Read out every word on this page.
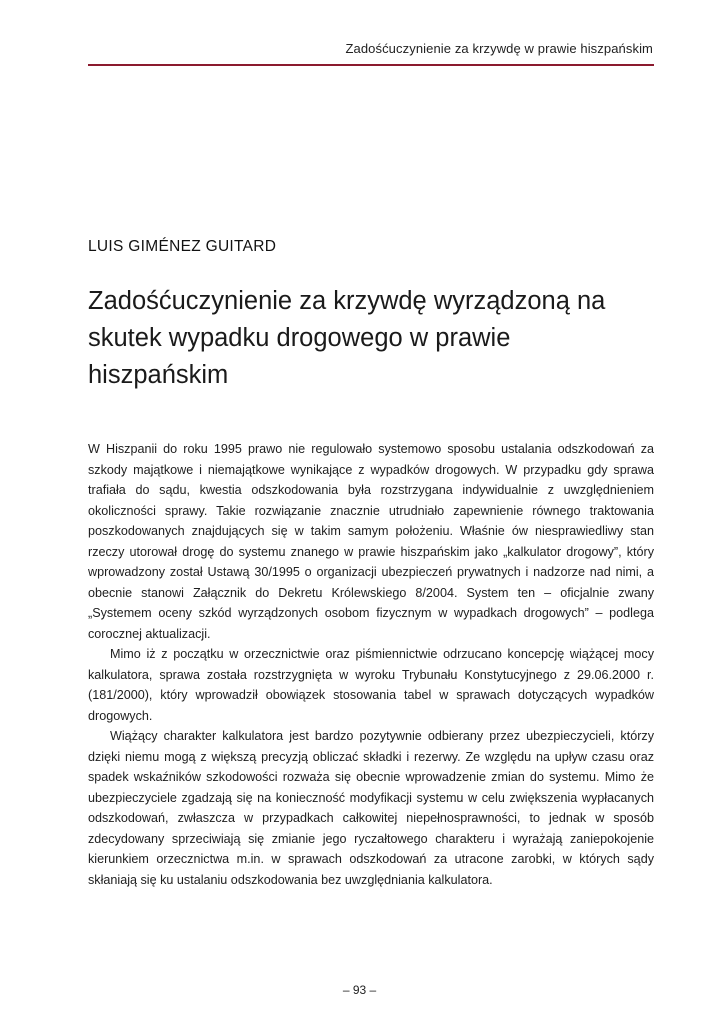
Zadośćuczynienie za krzywdę w prawie hiszpańskim
LUIS GIMÉNEZ GUITARD
Zadośćuczynienie za krzywdę wyrządzoną na skutek wypadku drogowego w prawie hiszpańskim

W Hiszpanii do roku 1995 prawo nie regulowało systemowo sposobu ustalania odszkodowań za szkody majątkowe i niemajątkowe wynikające z wypadków drogowych. W przypadku gdy sprawa trafiała do sądu, kwestia odszkodowania była rozstrzygana indywidualnie z uwzględnieniem okoliczności sprawy. Takie rozwiązanie znacznie utrudniało zapewnienie równego traktowania poszkodowanych znajdujących się w takim samym położeniu. Właśnie ów niesprawiedliwy stan rzeczy utorował drogę do systemu znanego w prawie hiszpańskim jako „kalkulator drogowy”, który wprowadzony został Ustawą 30/1995 o organizacji ubezpieczeń prywatnych i nadzorze nad nimi, a obecnie stanowi Załącznik do Dekretu Królewskiego 8/2004. System ten – oficjalnie zwany „Systemem oceny szkód wyrządzonych osobom fizycznym w wypadkach drogowych” – podlega corocznej aktualizacji.

Mimo iż z początku w orzecznictwie oraz piśmiennictwie odrzucano koncepcję wiążącej mocy kalkulatora, sprawa została rozstrzygnięta w wyroku Trybunału Konstytucyjnego z 29.06.2000 r. (181/2000), który wprowadził obowiązek stosowania tabel w sprawach dotyczących wypadków drogowych.

Wiążący charakter kalkulatora jest bardzo pozytywnie odbierany przez ubezpieczycieli, którzy dzięki niemu mogą z większą precyzją obliczać składki i rezerwy. Ze względu na upływ czasu oraz spadek wskaźników szkodowości rozważa się obecnie wprowadzenie zmian do systemu. Mimo że ubezpieczyciele zgadzają się na konieczność modyfikacji systemu w celu zwiększenia wypłacanych odszkodowań, zwłaszcza w przypadkach całkowitej niepełnosprawności, to jednak w sposób zdecydowany sprzeciwiają się zmianie jego ryczałtowego charakteru i wyrażają zaniepokojenie kierunkiem orzecznictwa m.in. w sprawach odszkodowań za utracone zarobki, w których sądy skłaniają się ku ustalaniu odszkodowania bez uwzględniania kalkulatora.

– 93 –
